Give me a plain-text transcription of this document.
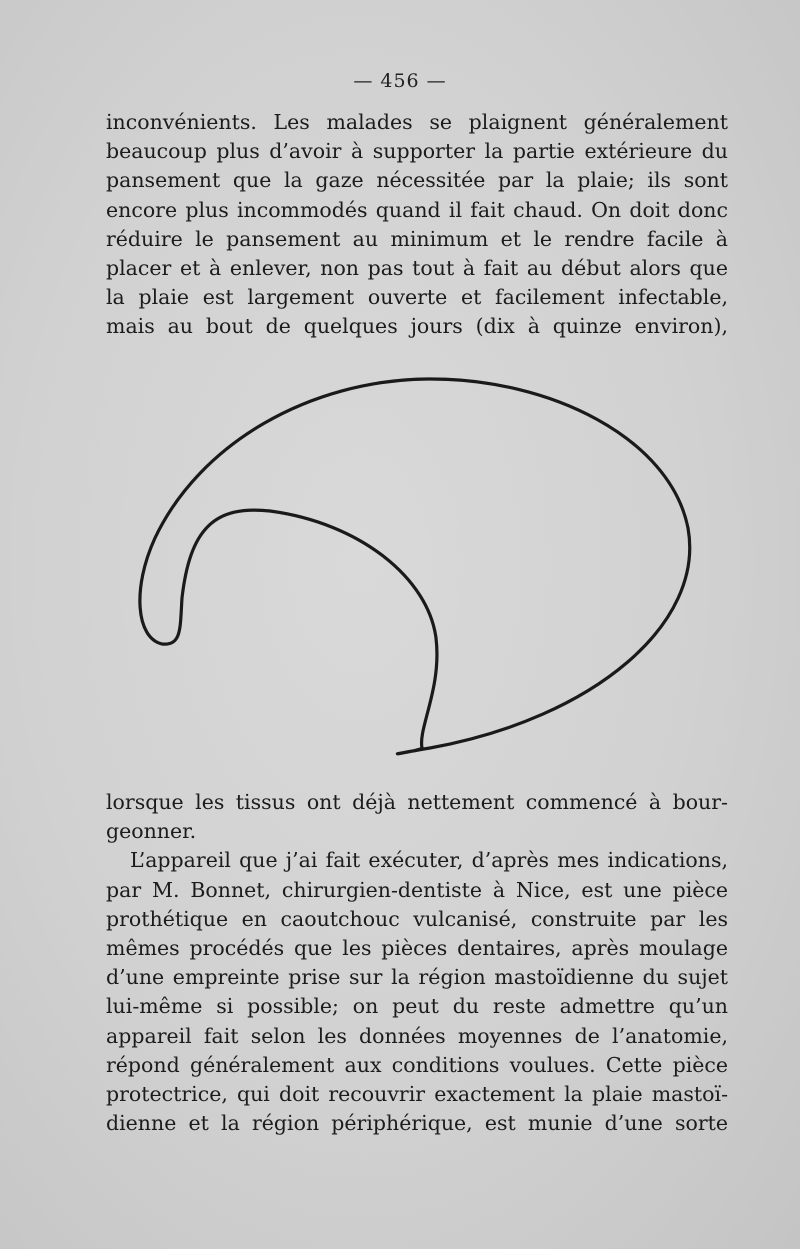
— 456 —
inconvénients. Les malades se plaignent généralement
beaucoup plus d’avoir à supporter la partie extérieure du
pansement que la gaze nécessitée par la plaie; ils sont
encore plus incommodés quand il fait chaud. On doit donc
réduire le pansement au minimum et le rendre facile à
placer et à enlever, non pas tout à fait au début alors que
la plaie est largement ouverte et facilement infectable,
mais au bout de quelques jours (dix à quinze environ),
lorsque les tissus ont déjà nettement commencé à bour-
geonner.
L’appareil que j’ai fait exécuter, d’après mes indications,
par M. Bonnet, chirurgien-dentiste à Nice, est une pièce
prothétique en caoutchouc vulcanisé, construite par les
mêmes procédés que les pièces dentaires, après moulage
d’une empreinte prise sur la région mastoïdienne du sujet
lui-même si possible; on peut du reste admettre qu’un
appareil fait selon les données moyennes de l’anatomie,
répond généralement aux conditions voulues. Cette pièce
protectrice, qui doit recouvrir exactement la plaie mastoï-
dienne et la région périphérique, est munie d’une sorte
